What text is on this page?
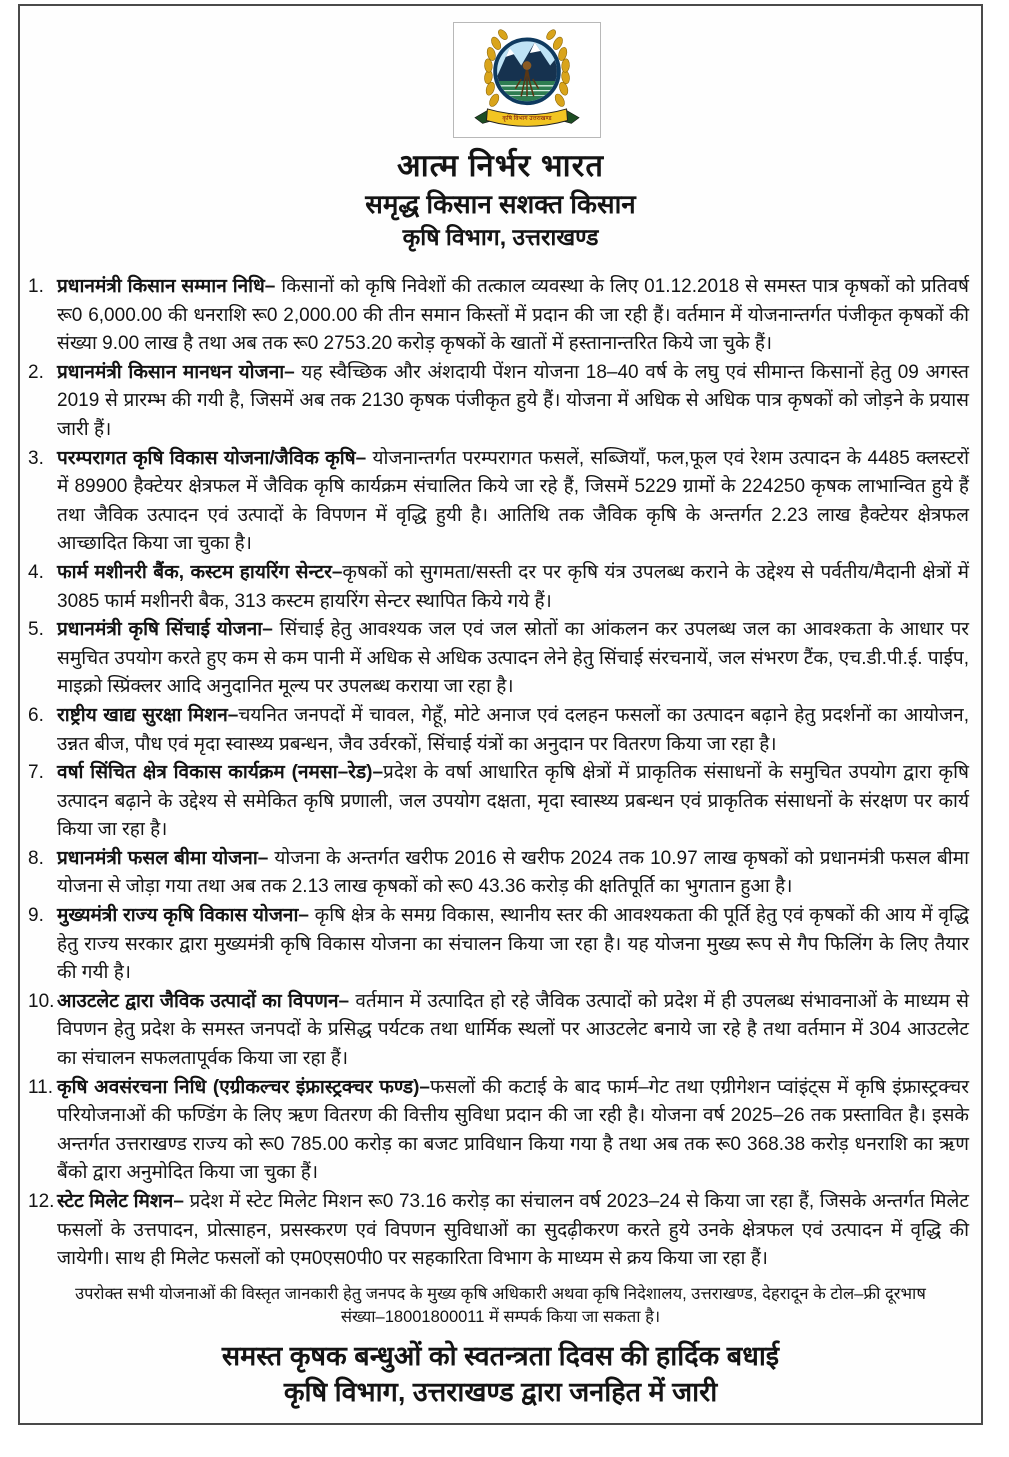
कृषि विभाग उत्तराखण्ड
आत्म निर्भर भारत
समृद्ध किसान सशक्त किसान
कृषि विभाग, उत्तराखण्ड
1. प्रधानमंत्री किसान सम्मान निधि– किसानों को कृषि निवेशों की तत्काल व्यवस्था के लिए 01.12.2018 से समस्त पात्र कृषकों को प्रतिवर्ष रू0 6,000.00 की धनराशि रू0 2,000.00 की तीन समान किस्तों में प्रदान की जा रही हैं। वर्तमान में योजनान्तर्गत पंजीकृत कृषकों की संख्या 9.00 लाख है तथा अब तक रू0 2753.20 करोड़ कृषकों के खातों में हस्तानान्तरित किये जा चुके हैं।
2. प्रधानमंत्री किसान मानधन योजना– यह स्वैच्छिक और अंशदायी पेंशन योजना 18–40 वर्ष के लघु एवं सीमान्त किसानों हेतु 09 अगस्त 2019 से प्रारम्भ की गयी है, जिसमें अब तक 2130 कृषक पंजीकृत हुये हैं। योजना में अधिक से अधिक पात्र कृषकों को जोड़ने के प्रयास जारी हैं।
3. परम्परागत कृषि विकास योजना/जैविक कृषि– योजनान्तर्गत परम्परागत फसलें, सब्जियाँ, फल,फूल एवं रेशम उत्पादन के 4485 क्लस्टरों में 89900 हैक्टेयर क्षेत्रफल में जैविक कृषि कार्यक्रम संचालित किये जा रहे हैं, जिसमें 5229 ग्रामों के 224250 कृषक लाभान्वित हुये हैं तथा जैविक उत्पादन एवं उत्पादों के विपणन में वृद्धि हुयी है। आतिथि तक जैविक कृषि के अन्तर्गत 2.23 लाख हैक्टेयर क्षेत्रफल आच्छादित किया जा चुका है।
4. फार्म मशीनरी बैंक, कस्टम हायरिंग सेन्टर–कृषकों को सुगमता/सस्ती दर पर कृषि यंत्र उपलब्ध कराने के उद्देश्य से पर्वतीय/मैदानी क्षेत्रों में 3085 फार्म मशीनरी बैक, 313 कस्टम हायरिंग सेन्टर स्थापित किये गये हैं।
5. प्रधानमंत्री कृषि सिंचाई योजना– सिंचाई हेतु आवश्यक जल एवं जल स्रोतों का आंकलन कर उपलब्ध जल का आवश्कता के आधार पर समुचित उपयोग करते हुए कम से कम पानी में अधिक से अधिक उत्पादन लेने हेतु सिंचाई संरचनायें, जल संभरण टैंक, एच.डी.पी.ई. पाईप, माइक्रो स्प्रिंक्लर आदि अनुदानित मूल्य पर उपलब्ध कराया जा रहा है।
6. राष्ट्रीय खाद्य सुरक्षा मिशन–चयनित जनपदों में चावल, गेहूँ, मोटे अनाज एवं दलहन फसलों का उत्पादन बढ़ाने हेतु प्रदर्शनों का आयोजन, उन्नत बीज, पौध एवं मृदा स्वास्थ्य प्रबन्धन, जैव उर्वरकों, सिंचाई यंत्रों का अनुदान पर वितरण किया जा रहा है।
7. वर्षा सिंचित क्षेत्र विकास कार्यक्रम (नमसा–रेड)–प्रदेश के वर्षा आधारित कृषि क्षेत्रों में प्राकृतिक संसाधनों के समुचित उपयोग द्वारा कृषि उत्पादन बढ़ाने के उद्देश्य से समेकित कृषि प्रणाली, जल उपयोग दक्षता, मृदा स्वास्थ्य प्रबन्धन एवं प्राकृतिक संसाधनों के संरक्षण पर कार्य किया जा रहा है।
8. प्रधानमंत्री फसल बीमा योजना– योजना के अन्तर्गत खरीफ 2016 से खरीफ 2024 तक 10.97 लाख कृषकों को प्रधानमंत्री फसल बीमा योजना से जोड़ा गया तथा अब तक 2.13 लाख कृषकों को रू0 43.36 करोड़ की क्षतिपूर्ति का भुगतान हुआ है।
9. मुख्यमंत्री राज्य कृषि विकास योजना– कृषि क्षेत्र के समग्र विकास, स्थानीय स्तर की आवश्यकता की पूर्ति हेतु एवं कृषकों की आय में वृद्धि हेतु राज्य सरकार द्वारा मुख्यमंत्री कृषि विकास योजना का संचालन किया जा रहा है। यह योजना मुख्य रूप से गैप फिलिंग के लिए तैयार की गयी है।
10. आउटलेट द्वारा जैविक उत्पादों का विपणन– वर्तमान में उत्पादित हो रहे जैविक उत्पादों को प्रदेश में ही उपलब्ध संभावनाओं के माध्यम से विपणन हेतु प्रदेश के समस्त जनपदों के प्रसिद्ध पर्यटक तथा धार्मिक स्थलों पर आउटलेट बनाये जा रहे है तथा वर्तमान में 304 आउटलेट का संचालन सफलतापूर्वक किया जा रहा हैं।
11. कृषि अवसंरचना निधि (एग्रीकल्चर इंफ्रास्ट्रक्चर फण्ड)–फसलों की कटाई के बाद फार्म–गेट तथा एग्रीगेशन प्वांइंट्स में कृषि इंफ्रास्ट्रक्चर परियोजनाओं की फण्डिंग के लिए ऋण वितरण की वित्तीय सुविधा प्रदान की जा रही है। योजना वर्ष 2025–26 तक प्रस्तावित है। इसके अन्तर्गत उत्तराखण्ड राज्य को रू0 785.00 करोड़ का बजट प्राविधान किया गया है तथा अब तक रू0 368.38 करोड़ धनराशि का ऋण बैंको द्वारा अनुमोदित किया जा चुका हैं।
12. स्टेट मिलेट मिशन– प्रदेश में स्टेट मिलेट मिशन रू0 73.16 करोड़ का संचालन वर्ष 2023–24 से किया जा रहा हैं, जिसके अन्तर्गत मिलेट फसलों के उत्तपादन, प्रोत्साहन, प्रसस्करण एवं विपणन सुविधाओं का सुदढ़ीकरण करते हुये उनके क्षेत्रफल एवं उत्पादन में वृद्धि की जायेगी। साथ ही मिलेट फसलों को एम0एस0पी0 पर सहकारिता विभाग के माध्यम से क्रय किया जा रहा हैं।
उपरोक्त सभी योजनाओं की विस्तृत जानकारी हेतु जनपद के मुख्य कृषि अधिकारी अथवा कृषि निदेशालय, उत्तराखण्ड, देहरादून के टोल–फ्री दूरभाष
संख्या–18001800011 में सम्पर्क किया जा सकता है।
समस्त कृषक बन्धुओं को स्वतन्त्रता दिवस की हार्दिक बधाई
कृषि विभाग, उत्तराखण्ड द्वारा जनहित में जारी
